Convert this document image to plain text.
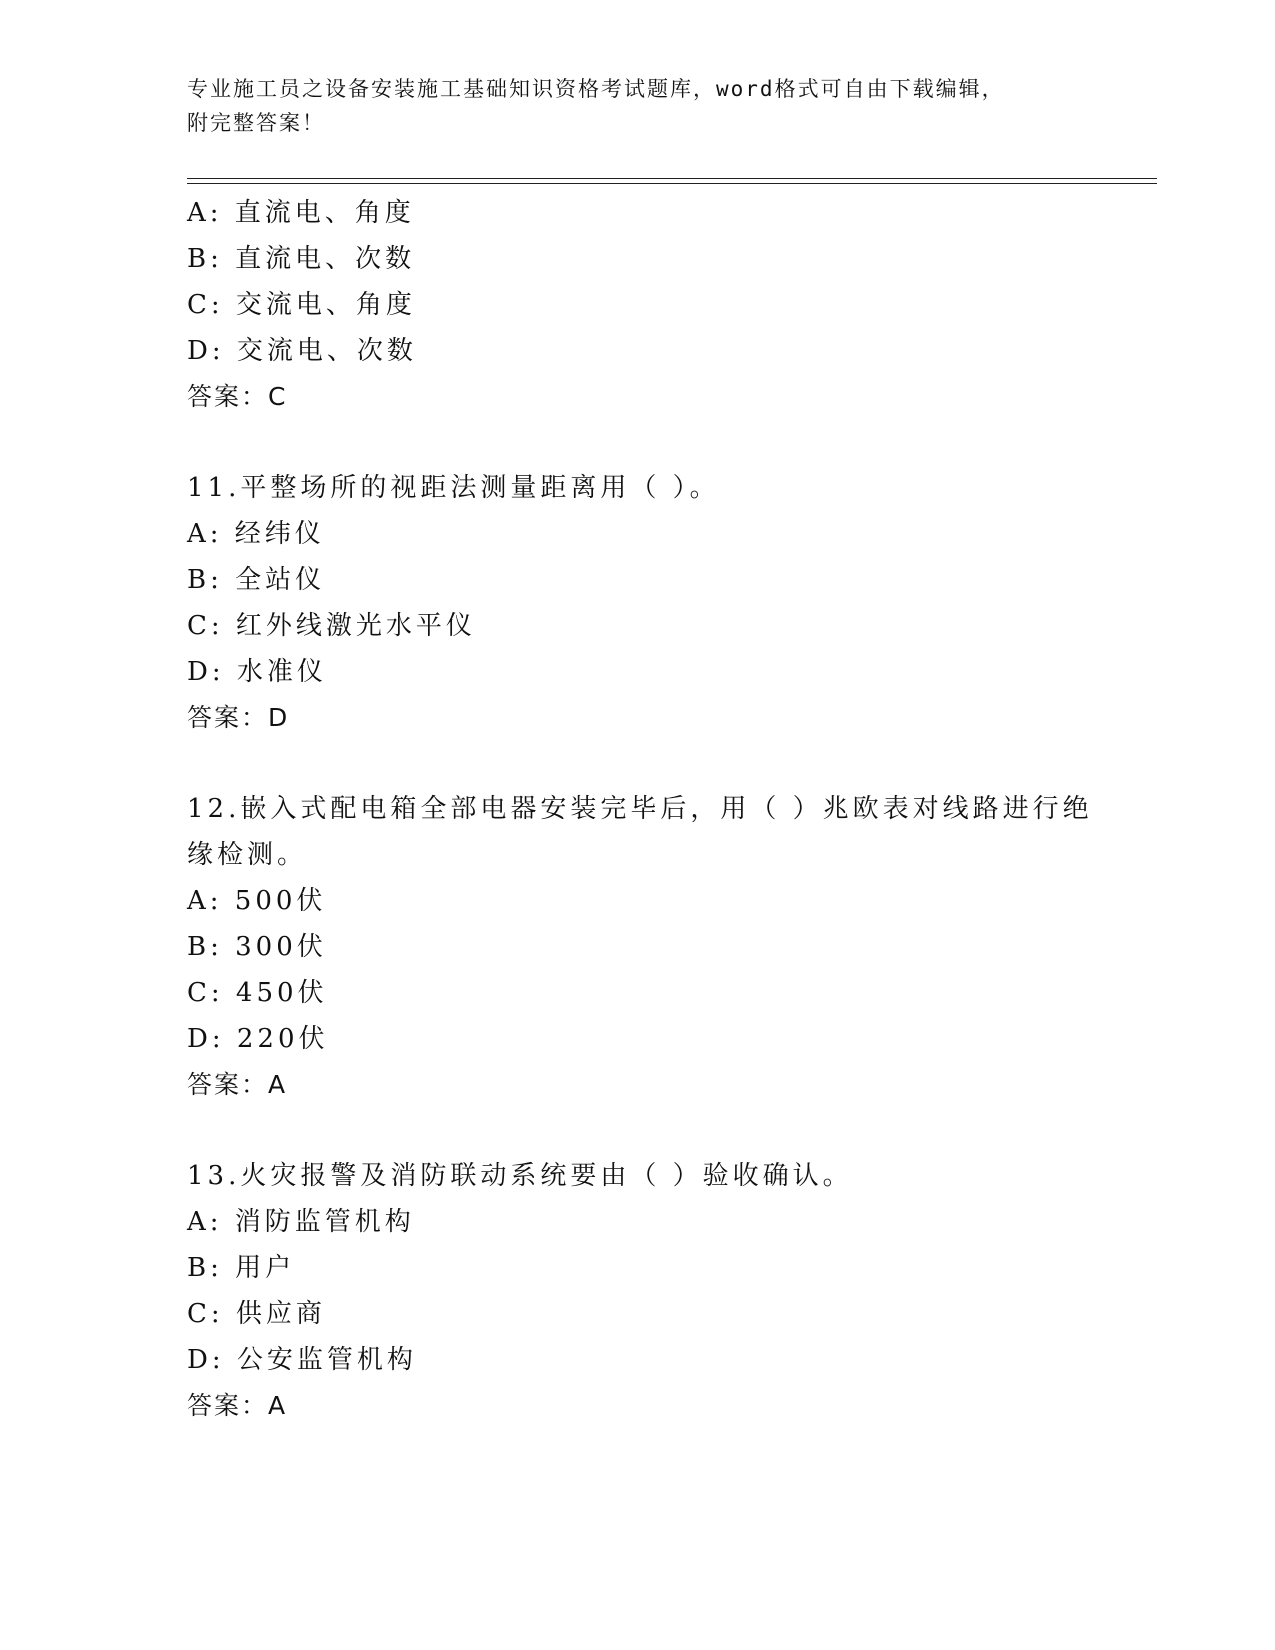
专业施工员之设备安装施工基础知识资格考试题库，word格式可自由下载编辑，
附完整答案！
A: 直流电、角度
B: 直流电、次数
C: 交流电、角度
D: 交流电、次数
答案：C
11.平整场所的视距法测量距离用（ ）。
A: 经纬仪
B: 全站仪
C: 红外线激光水平仪
D: 水准仪
答案：D
12.嵌入式配电箱全部电器安装完毕后，用（ ）兆欧表对线路进行绝
缘检测。
A: 500伏
B: 300伏
C: 450伏
D: 220伏
答案：A
13.火灾报警及消防联动系统要由（ ）验收确认。
A: 消防监管机构
B: 用户
C: 供应商
D: 公安监管机构
答案：A
